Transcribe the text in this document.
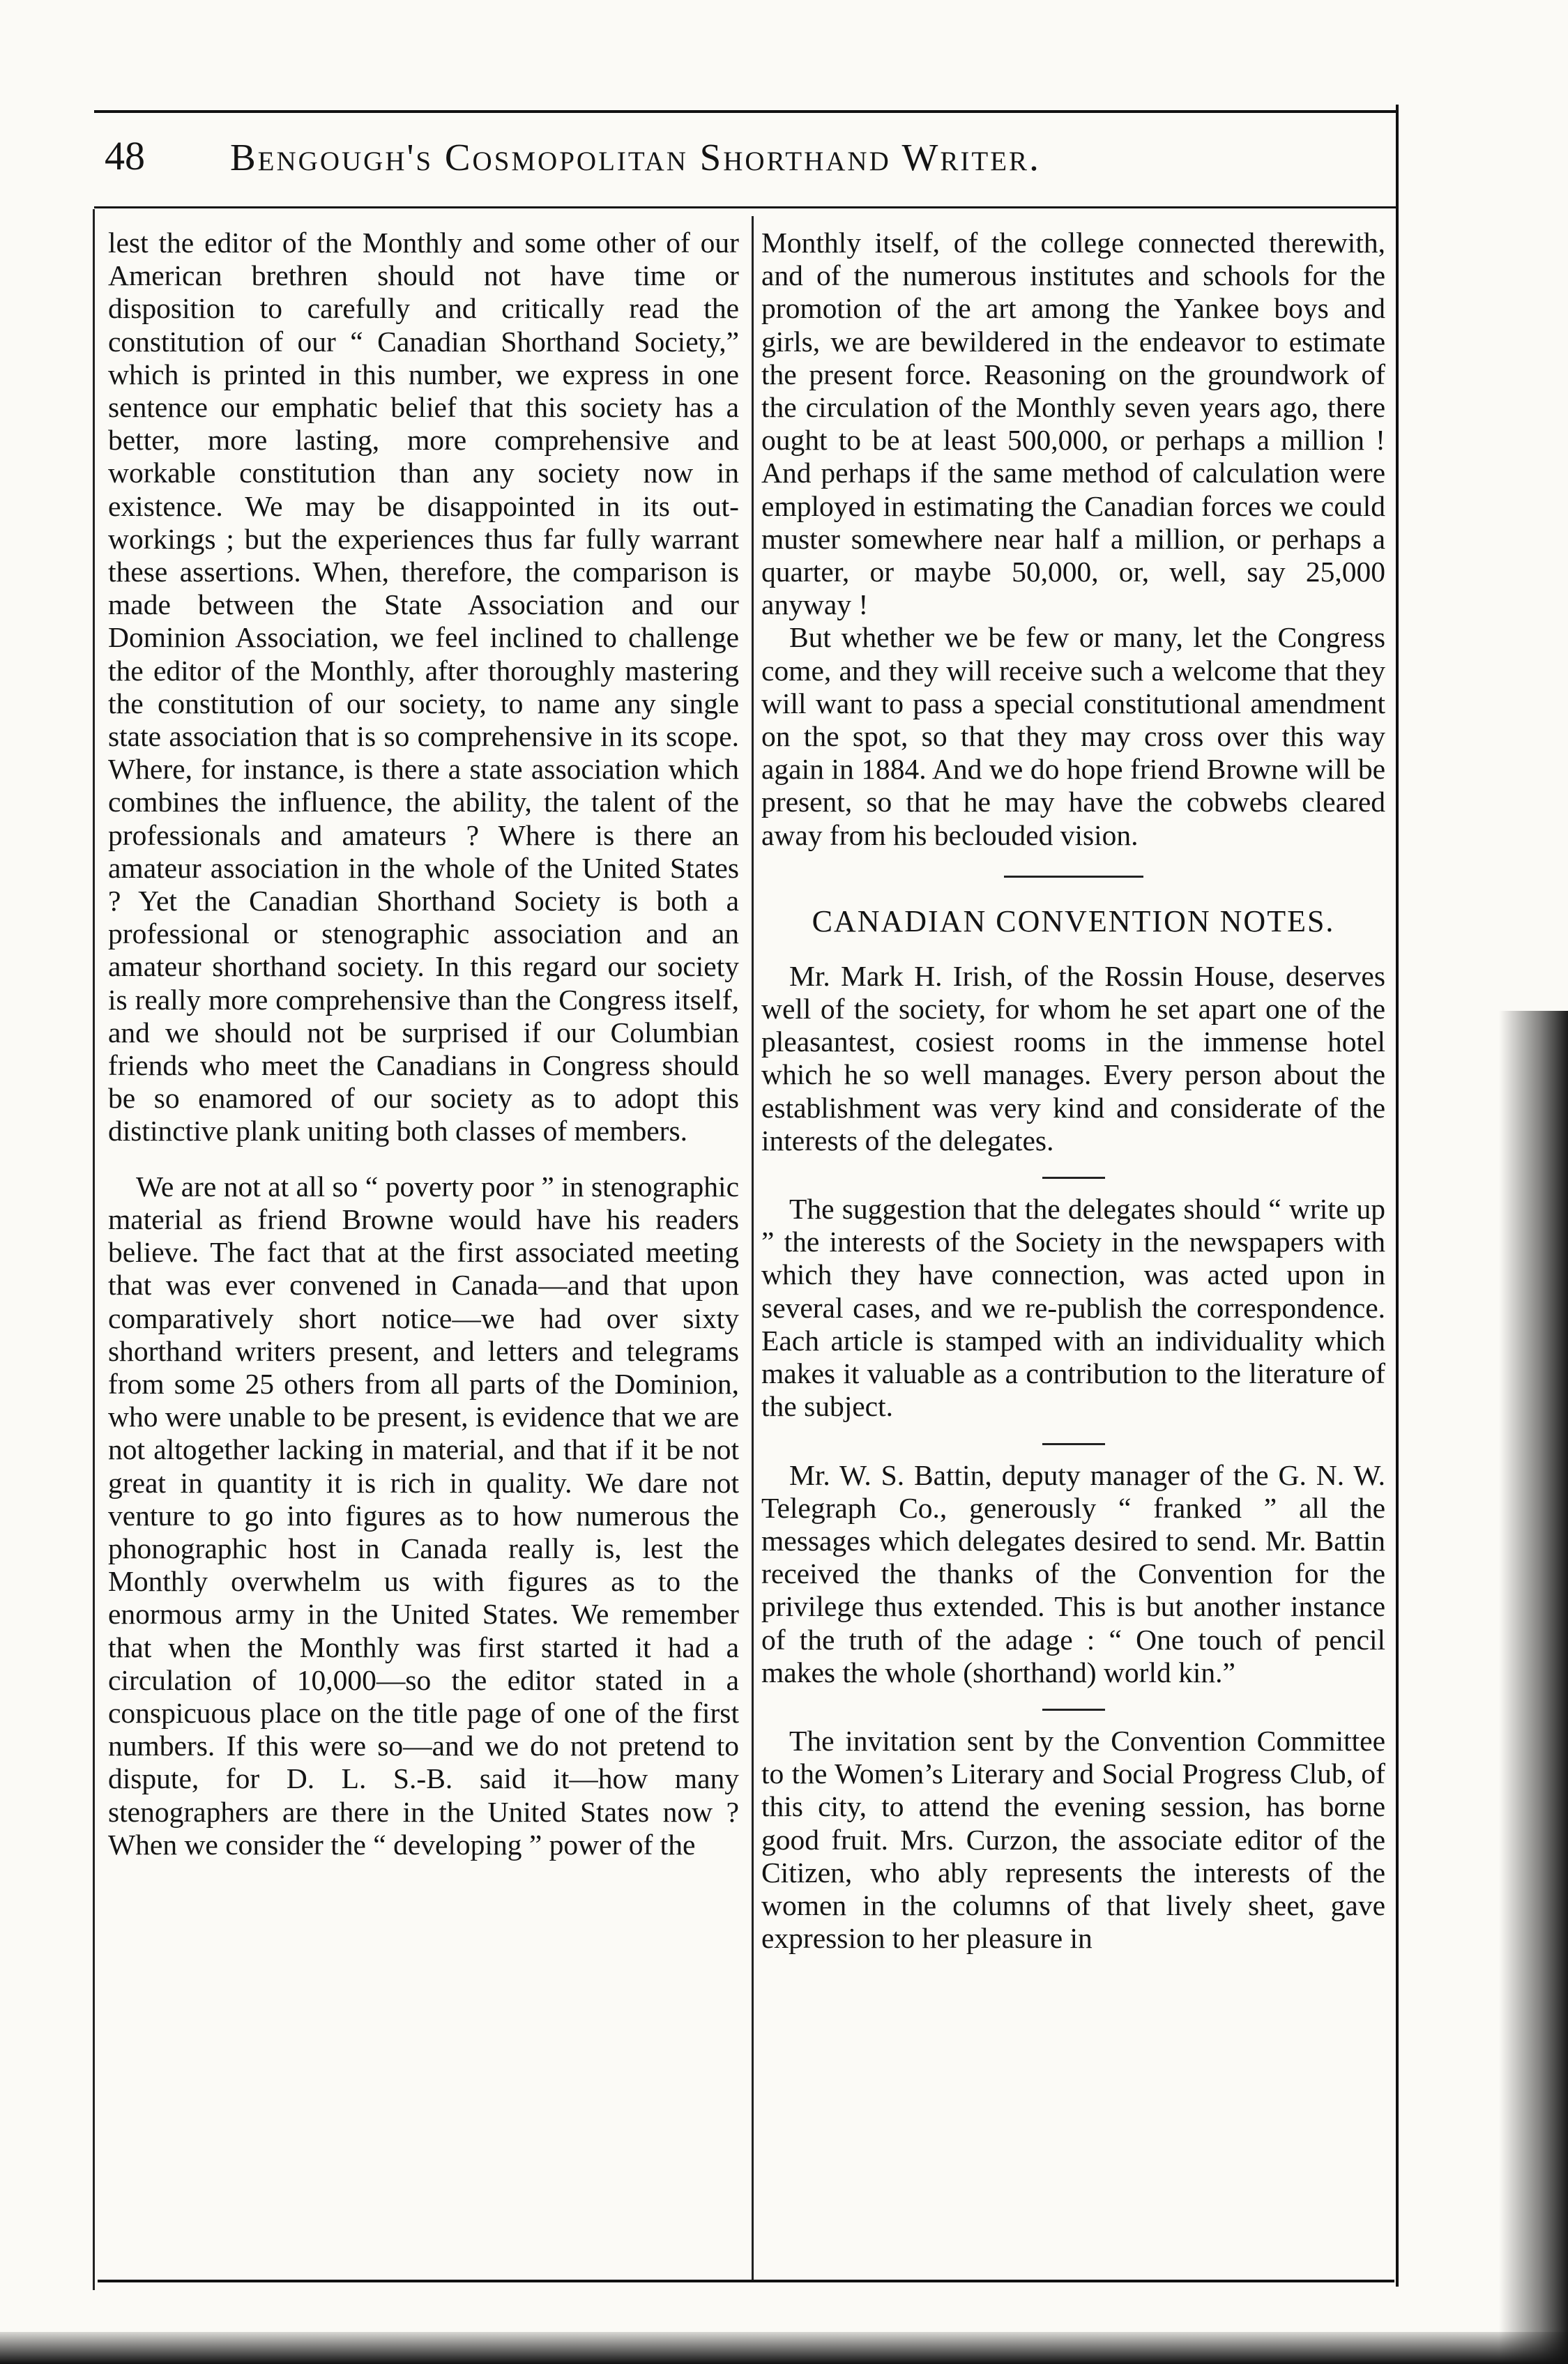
48 Bengough's Cosmopolitan Shorthand Writer.

lest the editor of the Monthly and some other of our American brethren should not have time or disposition to carefully and critically read the constitution of our “ Canadian Shorthand Society,” which is printed in this number, we express in one sentence our emphatic belief that this society has a better, more lasting, more comprehensive and workable constitution than any society now in existence. We may be disappointed in its out-workings ; but the experiences thus far fully warrant these assertions. When, therefore, the comparison is made between the State Association and our Dominion Association, we feel inclined to challenge the editor of the Monthly, after thoroughly mastering the constitution of our society, to name any single state association that is so comprehensive in its scope. Where, for instance, is there a state association which combines the influence, the ability, the talent of the professionals and amateurs ? Where is there an amateur association in the whole of the United States ? Yet the Canadian Shorthand Society is both a professional or stenographic association and an amateur shorthand society. In this regard our society is really more comprehensive than the Congress itself, and we should not be surprised if our Columbian friends who meet the Canadians in Congress should be so enamored of our society as to adopt this distinctive plank uniting both classes of members.

We are not at all so “ poverty poor ” in stenographic material as friend Browne would have his readers believe. The fact that at the first associated meeting that was ever convened in Canada—and that upon comparatively short notice—we had over sixty shorthand writers present, and letters and telegrams from some 25 others from all parts of the Dominion, who were unable to be present, is evidence that we are not altogether lacking in material, and that if it be not great in quantity it is rich in quality. We dare not venture to go into figures as to how numerous the phonographic host in Canada really is, lest the Monthly overwhelm us with figures as to the enormous army in the United States. We remember that when the Monthly was first started it had a circulation of 10,000—so the editor stated in a conspicuous place on the title page of one of the first numbers. If this were so—and we do not pretend to dispute, for D. L. S.-B. said it—how many stenographers are there in the United States now ? When we consider the “ developing ” power of the

Monthly itself, of the college connected therewith, and of the numerous institutes and schools for the promotion of the art among the Yankee boys and girls, we are bewildered in the endeavor to estimate the present force. Reasoning on the groundwork of the circulation of the Monthly seven years ago, there ought to be at least 500,000, or perhaps a million ! And perhaps if the same method of calculation were employed in estimating the Canadian forces we could muster somewhere near half a million, or perhaps a quarter, or maybe 50,000, or, well, say 25,000 anyway !

But whether we be few or many, let the Congress come, and they will receive such a welcome that they will want to pass a special constitutional amendment on the spot, so that they may cross over this way again in 1884. And we do hope friend Browne will be present, so that he may have the cobwebs cleared away from his beclouded vision.

CANADIAN CONVENTION NOTES.

Mr. Mark H. Irish, of the Rossin House, deserves well of the society, for whom he set apart one of the pleasantest, cosiest rooms in the immense hotel which he so well manages. Every person about the establishment was very kind and considerate of the interests of the delegates.

The suggestion that the delegates should “ write up ” the interests of the Society in the newspapers with which they have connection, was acted upon in several cases, and we re-publish the correspondence. Each article is stamped with an individuality which makes it valuable as a contribution to the literature of the subject.

Mr. W. S. Battin, deputy manager of the G. N. W. Telegraph Co., generously “ franked ” all the messages which delegates desired to send. Mr. Battin received the thanks of the Convention for the privilege thus extended. This is but another instance of the truth of the adage : “ One touch of pencil makes the whole (shorthand) world kin.”

The invitation sent by the Convention Committee to the Women’s Literary and Social Progress Club, of this city, to attend the evening session, has borne good fruit. Mrs. Curzon, the associate editor of the Citizen, who ably represents the interests of the women in the columns of that lively sheet, gave expression to her pleasure in
